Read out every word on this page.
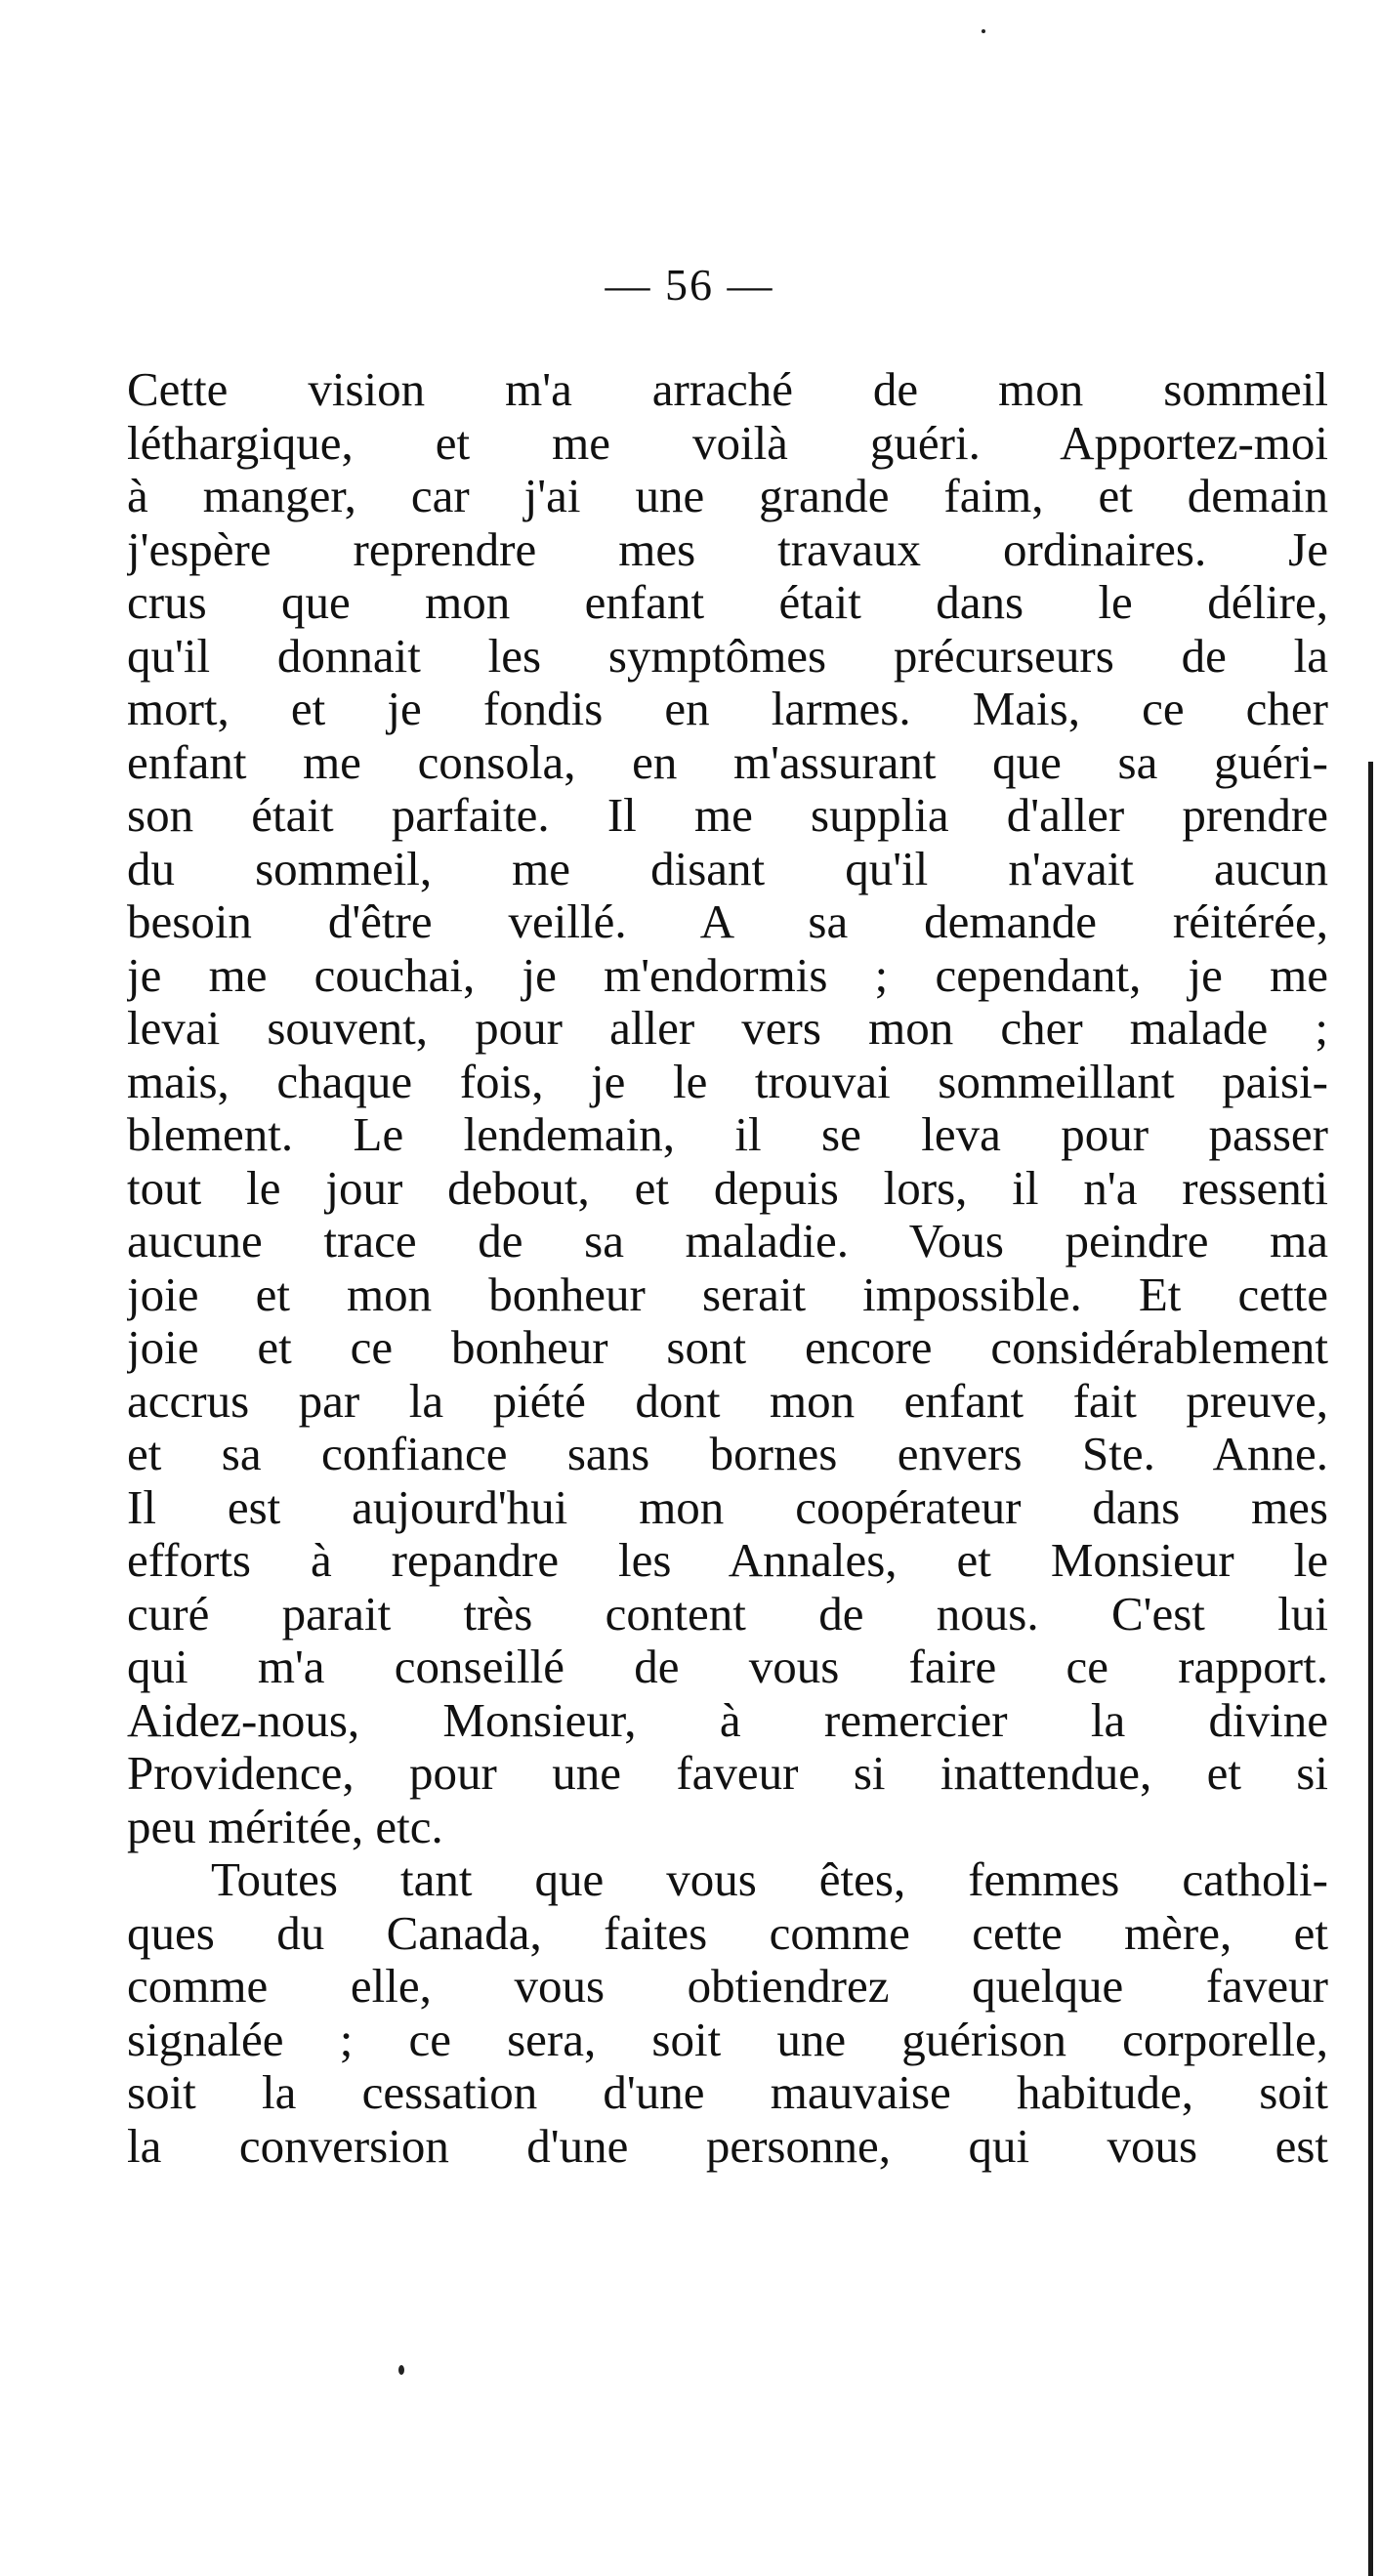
— 56 —
Cette vision m'a arraché de mon sommeil
léthargique, et me voilà guéri. Apportez-moi
à manger, car j'ai une grande faim, et demain
j'espère reprendre mes travaux ordinaires. Je
crus que mon enfant était dans le délire,
qu'il donnait les symptômes précurseurs de la
mort, et je fondis en larmes. Mais, ce cher
enfant me consola, en m'assurant que sa guéri-
son était parfaite. Il me supplia d'aller prendre
du sommeil, me disant qu'il n'avait aucun
besoin d'être veillé. A sa demande réitérée,
je me couchai, je m'endormis ; cependant, je me
levai souvent, pour aller vers mon cher malade ;
mais, chaque fois, je le trouvai sommeillant paisi-
blement. Le lendemain, il se leva pour passer
tout le jour debout, et depuis lors, il n'a ressenti
aucune trace de sa maladie. Vous peindre ma
joie et mon bonheur serait impossible. Et cette
joie et ce bonheur sont encore considérablement
accrus par la piété dont mon enfant fait preuve,
et sa confiance sans bornes envers Ste. Anne.
Il est aujourd'hui mon coopérateur dans mes
efforts à repandre les Annales, et Monsieur le
curé parait très content de nous. C'est lui
qui m'a conseillé de vous faire ce rapport.
Aidez-nous, Monsieur, à remercier la divine
Providence, pour une faveur si inattendue, et si
peu méritée, etc.
Toutes tant que vous êtes, femmes catholi-
ques du Canada, faites comme cette mère, et
comme elle, vous obtiendrez quelque faveur
signalée ; ce sera, soit une guérison corporelle,
soit la cessation d'une mauvaise habitude, soit
la conversion d'une personne, qui vous est
